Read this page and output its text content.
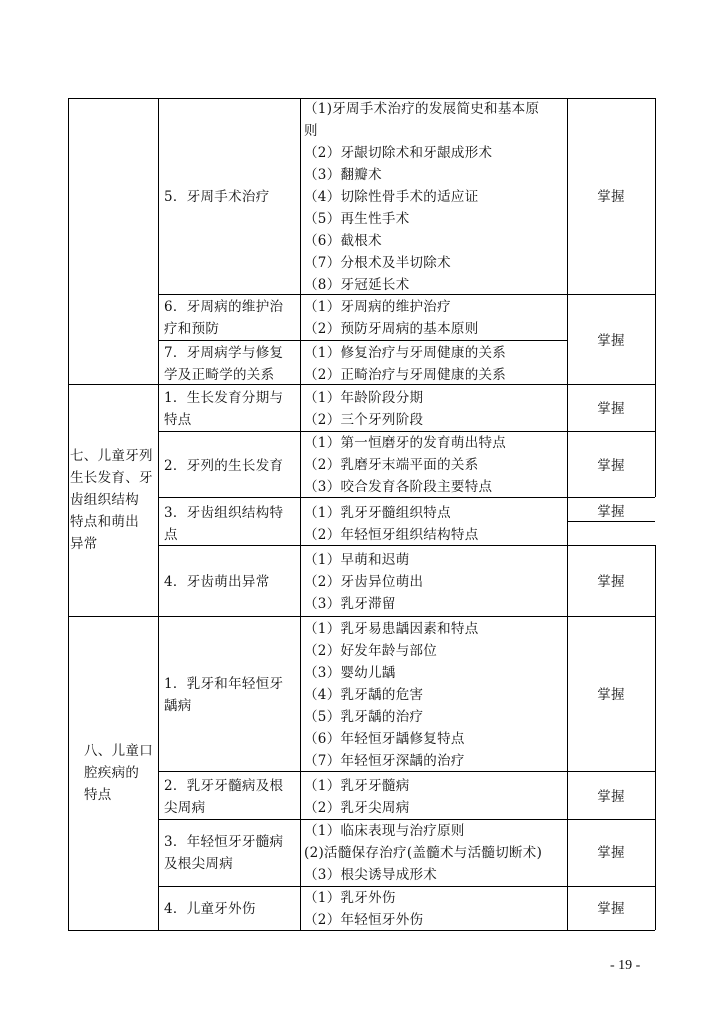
5．牙周手术治疗
（1)牙周手术治疗的发展简史和基本原
则
（2）牙龈切除术和牙龈成形术
（3）翻瓣术
（4）切除性骨手术的适应证
（5）再生性手术
（6）截根术
（7）分根术及半切除术
（8）牙冠延长术
掌握
6．牙周病的维护治
疗和预防
（1）牙周病的维护治疗
（2）预防牙周病的基本原则
掌握
7．牙周病学与修复
学及正畸学的关系
（1）修复治疗与牙周健康的关系
（2）正畸治疗与牙周健康的关系
七、儿童牙列
生长发育、牙
齿组织结构
特点和萌出
异常
1．生长发育分期与
特点
（1）年龄阶段分期
（2）三个牙列阶段
掌握
2．牙列的生长发育
（1）第一恒磨牙的发育萌出特点
（2）乳磨牙末端平面的关系
（3）咬合发育各阶段主要特点
掌握
3．牙齿组织结构特
点
（1）乳牙牙髓组织特点
（2）年轻恒牙组织结构特点
掌握
4．牙齿萌出异常
（1）早萌和迟萌
（2）牙齿异位萌出
（3）乳牙滞留
掌握
八、儿童口
腔疾病的
特点
1．乳牙和年轻恒牙
龋病
（1）乳牙易患龋因素和特点
（2）好发年龄与部位
（3）婴幼儿龋
（4）乳牙龋的危害
（5）乳牙龋的治疗
（6）年轻恒牙龋修复特点
（7）年轻恒牙深龋的治疗
掌握
2．乳牙牙髓病及根
尖周病
（1）乳牙牙髓病
（2）乳牙尖周病
掌握
3．年轻恒牙牙髓病
及根尖周病
（1）临床表现与治疗原则
(2)活髓保存治疗(盖髓术与活髓切断术)
（3）根尖诱导成形术
掌握
4．儿童牙外伤
（1）乳牙外伤
（2）年轻恒牙外伤
掌握
- 19 -
